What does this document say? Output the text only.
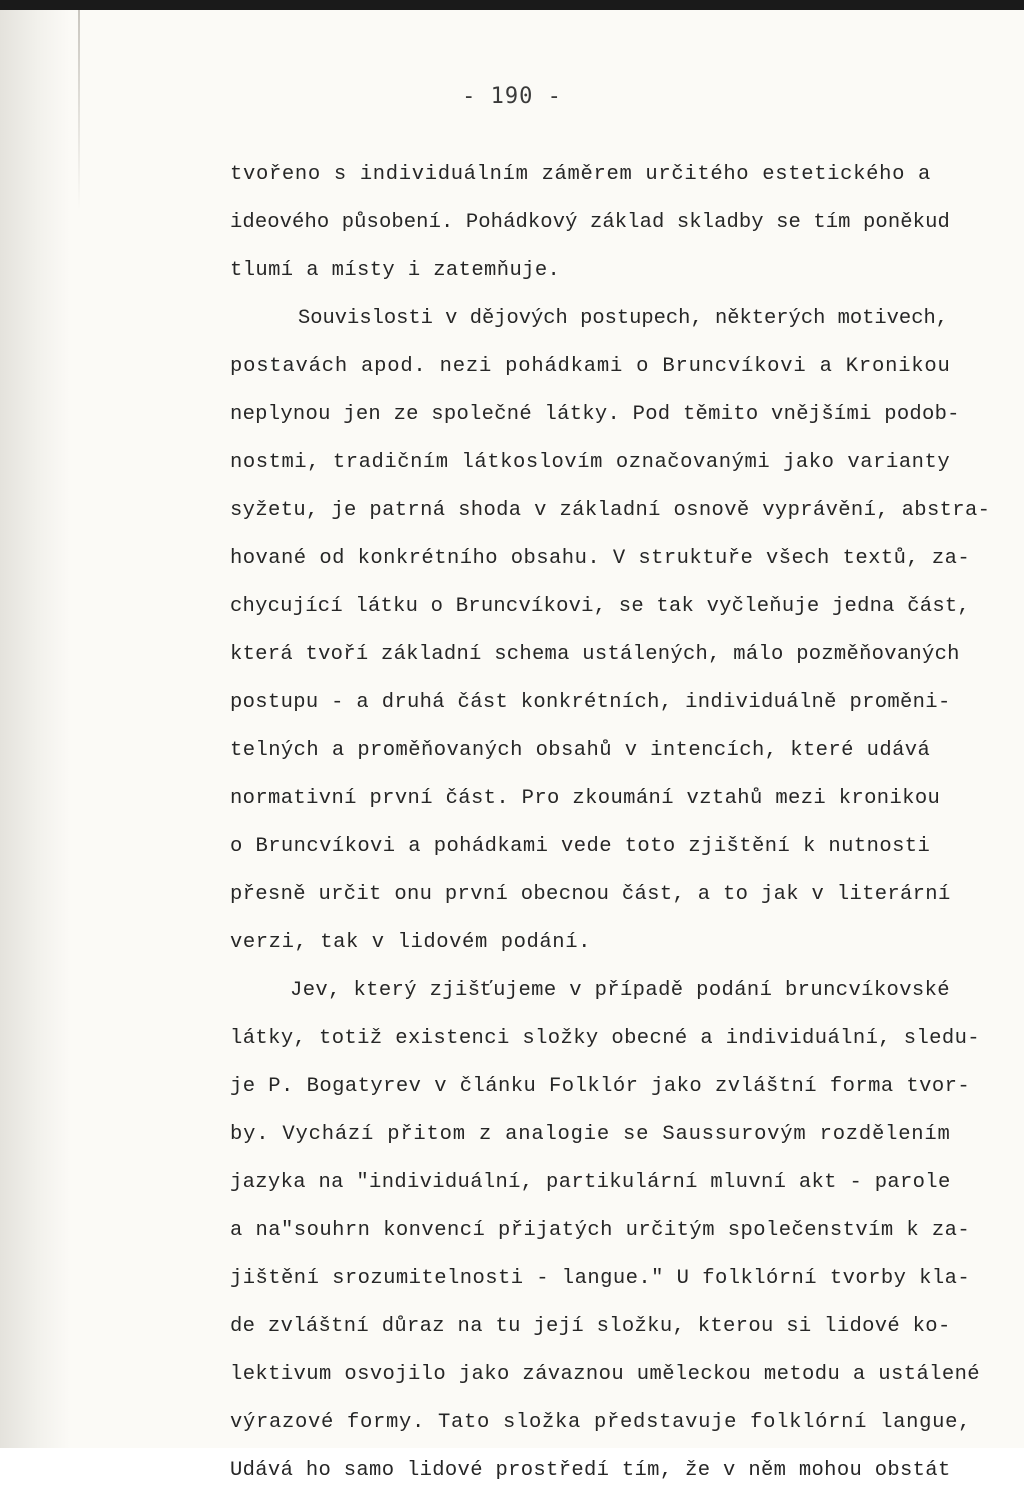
- 190 -
tvořeno s individuálním záměrem určitého estetického a
ideového působení. Pohádkový základ skladby se tím poněkud
tlumí a místy i zatemňuje.
Souvislosti v dějových postupech, některých motivech,
postavách apod. nezi pohádkami o Bruncvíkovi a Kronikou
neplynou jen ze společné látky. Pod těmito vnějšími podob-
nostmi, tradičním látkoslovím označovanými jako varianty
syžetu, je patrná shoda v základní osnově vyprávění, abstra-
hované od konkrétního obsahu. V struktuře všech textů, za-
chycující látku o Bruncvíkovi, se tak vyčleňuje jedna část,
která tvoří základní schema ustálených, málo pozměňovaných
postupu - a druhá část konkrétních, individuálně proměni-
telných a proměňovaných obsahů v intencích, které udává
normativní první část. Pro zkoumání vztahů mezi kronikou
o Bruncvíkovi a pohádkami vede toto zjištění k nutnosti
přesně určit onu první obecnou část, a to jak v literární
verzi, tak v lidovém podání.
Jev, který zjišťujeme v případě podání bruncvíkovské
látky, totiž existenci složky obecné a individuální, sledu-
je P. Bogatyrev v článku Folklór jako zvláštní forma tvor-
by. Vychází přitom z analogie se Saussurovým rozdělením
jazyka na "individuální, partikulární mluvní akt - parole
a na"souhrn konvencí přijatých určitým společenstvím k za-
jištění srozumitelnosti - langue." U folklórní tvorby kla-
de zvláštní důraz na tu její složku, kterou si lidové ko-
lektivum osvojilo jako závaznou uměleckou metodu a ustálené
výrazové formy. Tato složka představuje folklórní langue,
Udává ho samo lidové prostředí tím, že v něm mohou obstát
